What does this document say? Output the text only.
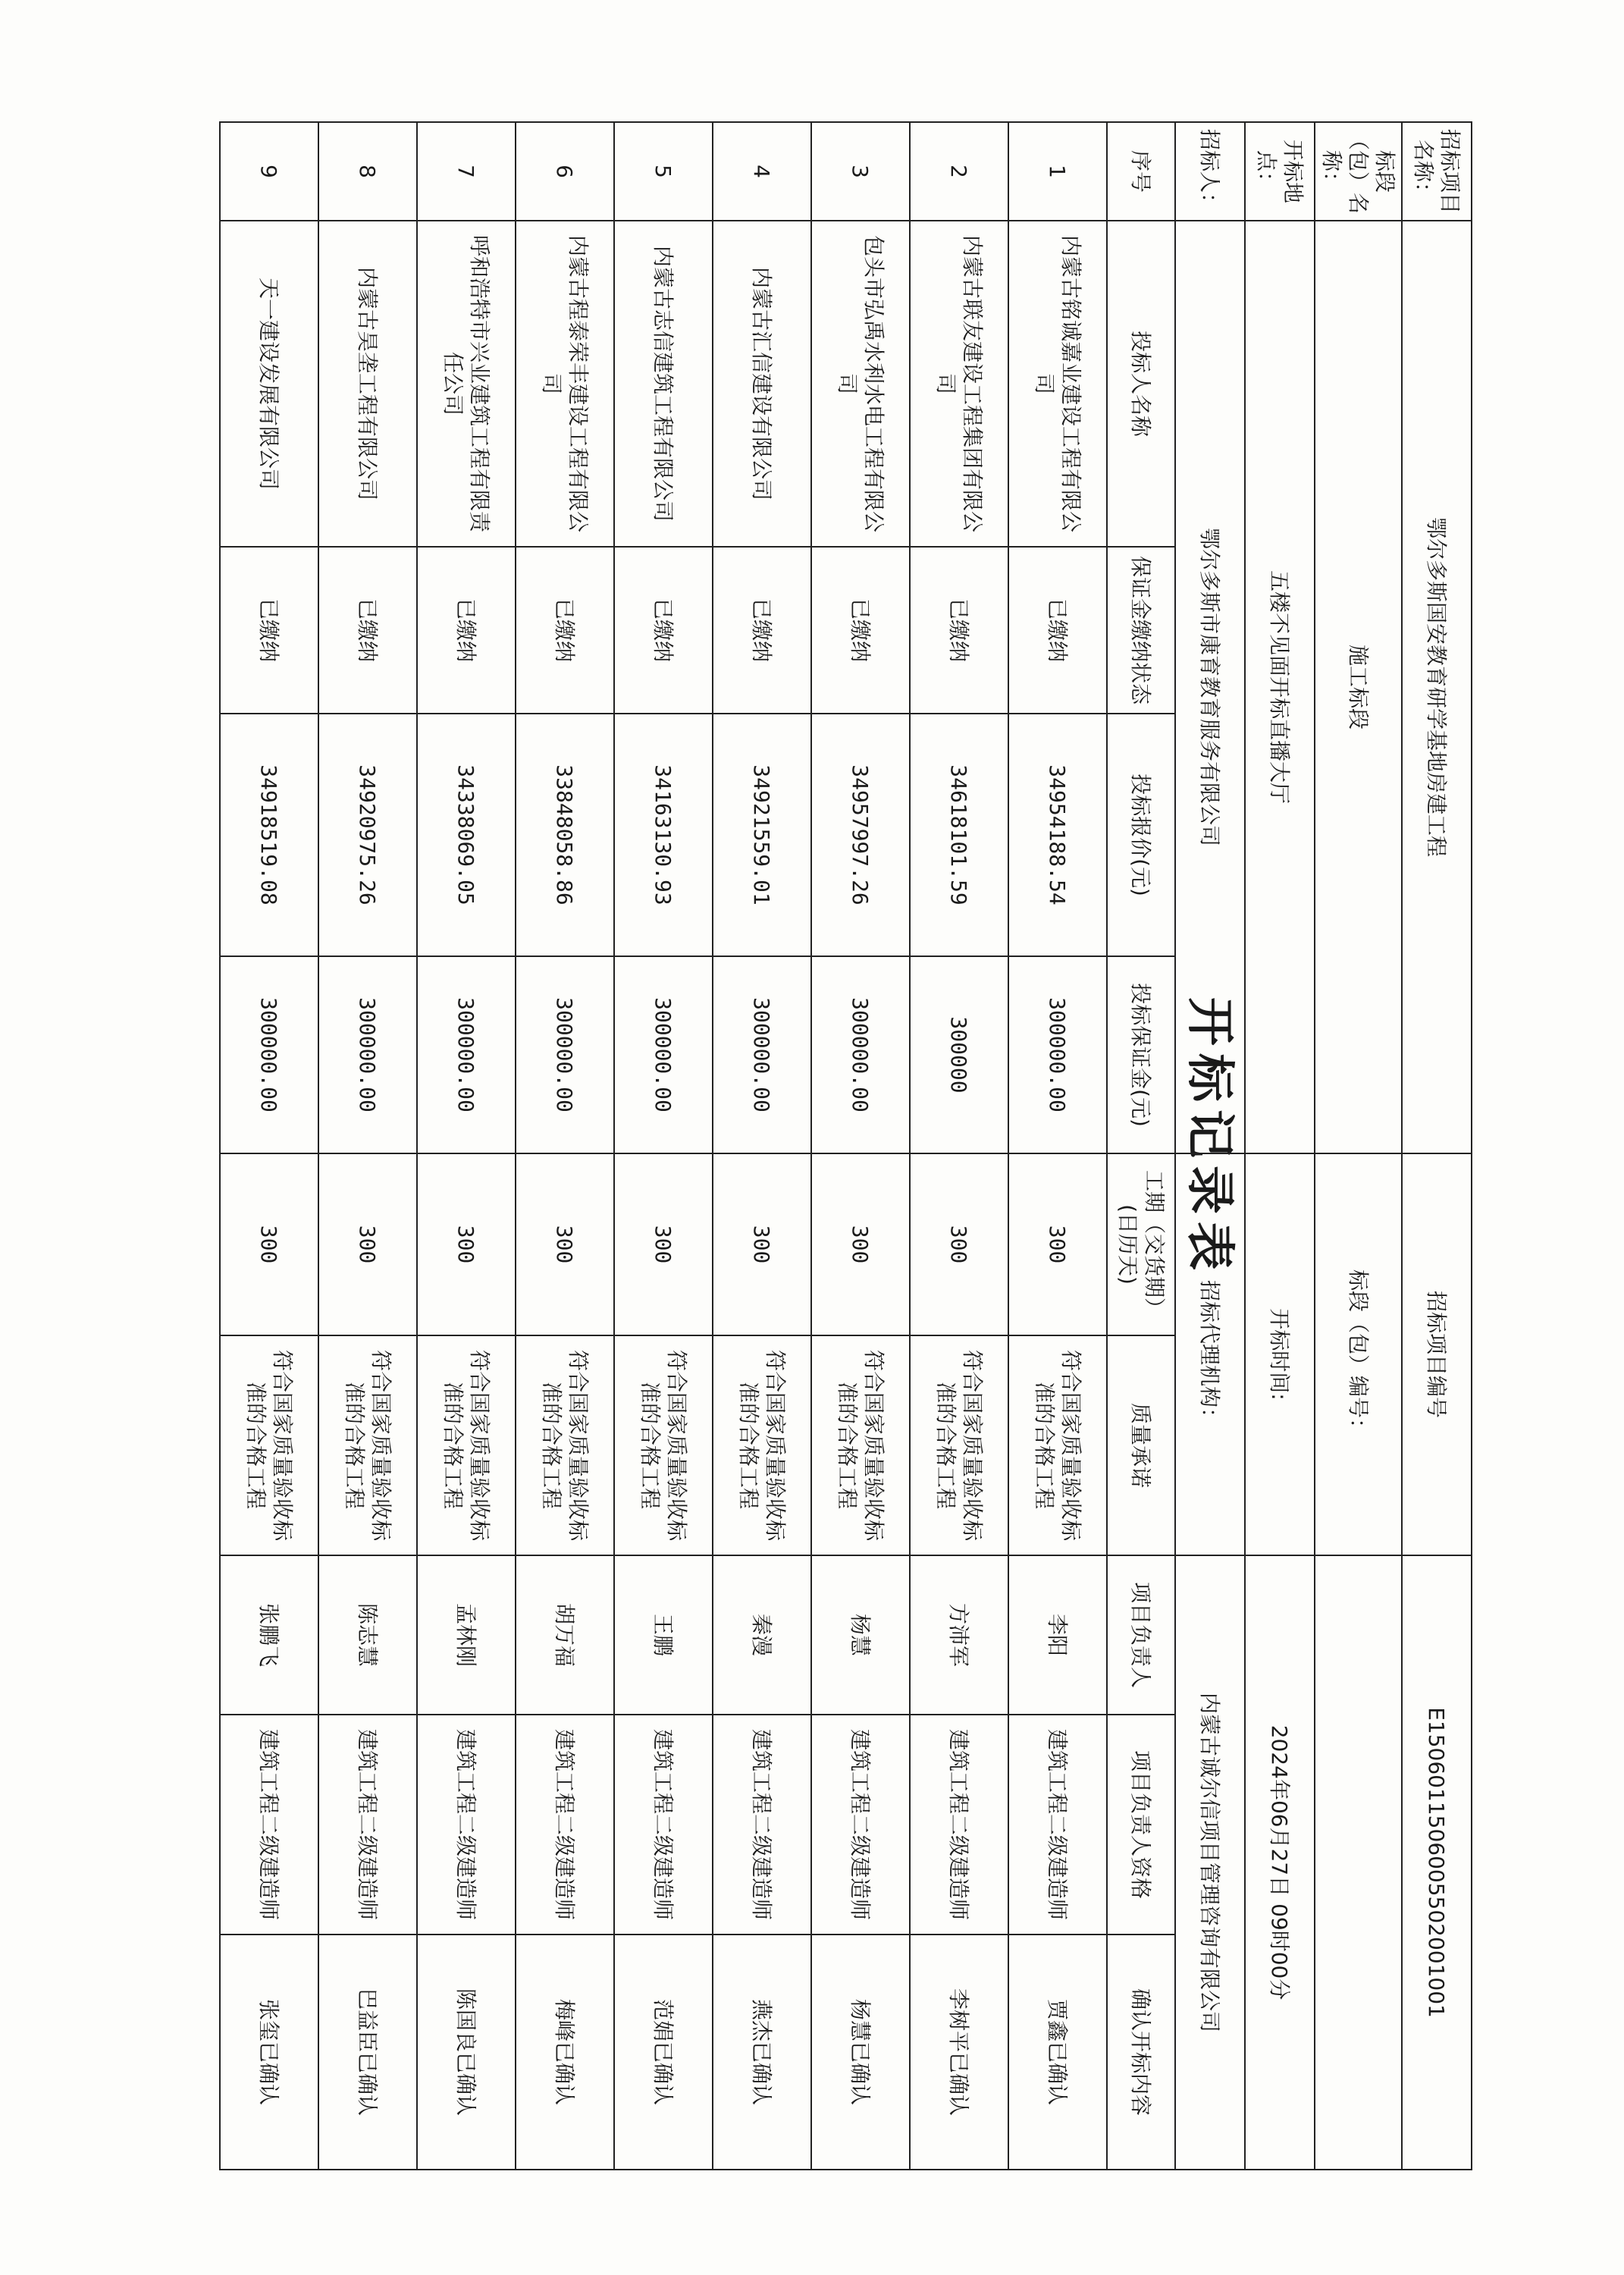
开标记录表
招标项目名称：	鄂尔多斯国安教育研学基地房建工程				招标项目编号		E1506011506005502001001		
标段（包）名称：	施工标段				标段（包）编号：				
开标地点：	五楼不见面开标直播大厅				开标时间:		2024年06月27日 09时00分		
招标人：	鄂尔多斯市康育教育服务有限公司				招标代理机构：		内蒙古诚尔信项目管理咨询有限公司		
序号	投标人名称	保证金缴纳状态	投标报价(元)	投标保证金(元)	工期（交货期）(日历天)	质量承诺	项目负责人	项目负责人资格	确认开标内容
1	内蒙古铭诚嘉业建设工程有限公司	已缴纳	34954188.54	300000.00	300	符合国家质量验收标准的合格工程	李阳	建筑工程二级建造师	贾鑫已确认
2	内蒙古联友建设工程集团有限公司	已缴纳	34618101.59	300000	300	符合国家质量验收标准的合格工程	方沛军	建筑工程二级建造师	李树平已确认
3	包头市弘禹水利水电工程有限公司	已缴纳	34957997.26	300000.00	300	符合国家质量验收标准的合格工程	杨慧	建筑工程二级建造师	杨慧已确认
4	内蒙古汇信建设有限公司	已缴纳	34921559.01	300000.00	300	符合国家质量验收标准的合格工程	秦漫	建筑工程二级建造师	燕杰已确认
5	内蒙古志信建筑工程有限公司	已缴纳	34163130.93	300000.00	300	符合国家质量验收标准的合格工程	王鹏	建筑工程二级建造师	范娟已确认
6	内蒙古程泰荣丰建设工程有限公司	已缴纳	33848058.86	300000.00	300	符合国家质量验收标准的合格工程	胡万福	建筑工程二级建造师	梅峰已确认
7	呼和浩特市兴业建筑工程有限责任公司	已缴纳	34338069.05	300000.00	300	符合国家质量验收标准的合格工程	孟林刚	建筑工程二级建造师	陈国良已确认
8	内蒙古昊垄工程有限公司	已缴纳	34920975.26	300000.00	300	符合国家质量验收标准的合格工程	陈志慧	建筑工程二级建造师	巴益臣已确认
9	天一建设发展有限公司	已缴纳	34918519.08	300000.00	300	符合国家质量验收标准的合格工程	张鹏飞	建筑工程二级建造师	张玺已确认
